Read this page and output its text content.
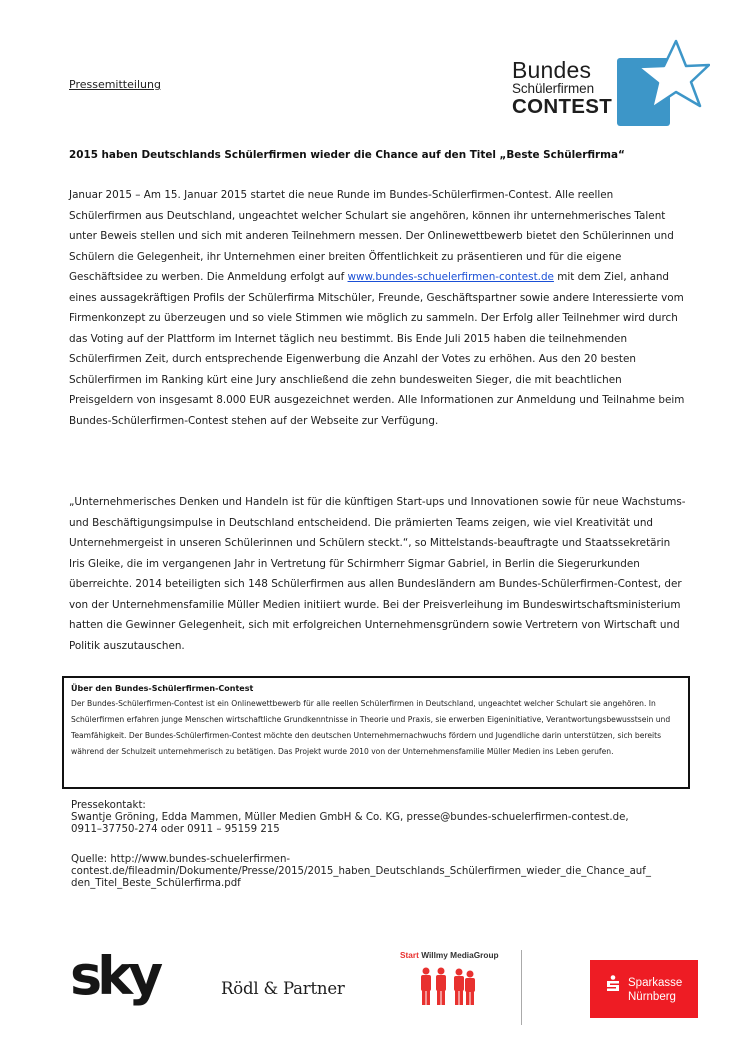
Pressemitteilung
Bundes
Schülerfirmen
CONTEST
2015 haben Deutschlands Schülerfirmen wieder die Chance auf den Titel „Beste Schülerfirma“
Januar 2015 – Am 15. Januar 2015 startet die neue Runde im Bundes-Schülerfirmen-Contest. Alle reellen Schülerfirmen aus Deutschland, ungeachtet welcher Schulart sie angehören, können ihr unternehmerisches Talent unter Beweis stellen und sich mit anderen Teilnehmern messen. Der Onlinewettbewerb bietet den Schülerinnen und Schülern die Gelegenheit, ihr Unternehmen einer breiten Öffentlichkeit zu präsentieren und für die eigene Geschäftsidee zu werben. Die Anmeldung erfolgt auf www.bundes-schuelerfirmen-contest.de mit dem Ziel, anhand eines aussagekräftigen Profils der Schülerfirma Mitschüler, Freunde, Geschäftspartner sowie andere Interessierte vom Firmenkonzept zu überzeugen und so viele Stimmen wie möglich zu sammeln. Der Erfolg aller Teilnehmer wird durch das Voting auf der Plattform im Internet täglich neu bestimmt. Bis Ende Juli 2015 haben die teilnehmenden Schülerfirmen Zeit, durch entsprechende Eigenwerbung die Anzahl der Votes zu erhöhen. Aus den 20 besten Schülerfirmen im Ranking kürt eine Jury anschließend die zehn bundesweiten Sieger, die mit beachtlichen Preisgeldern von insgesamt 8.000 EUR ausgezeichnet werden. Alle Informationen zur Anmeldung und Teilnahme beim Bundes-Schülerfirmen-Contest stehen auf der Webseite zur Verfügung.
„Unternehmerisches Denken und Handeln ist für die künftigen Start-ups und Innovationen sowie für neue Wachstums- und Beschäftigungsimpulse in Deutschland entscheidend. Die prämierten Teams zeigen, wie viel Kreativität und Unternehmergeist in unseren Schülerinnen und Schülern steckt.“, so Mittelstands-beauftragte und Staatssekretärin Iris Gleike, die im vergangenen Jahr in Vertretung für Schirmherr Sigmar Gabriel, in Berlin die Siegerurkunden überreichte. 2014 beteiligten sich 148 Schülerfirmen aus allen Bundesländern am Bundes-Schülerfirmen-Contest, der von der Unternehmensfamilie Müller Medien initiiert wurde. Bei der Preisverleihung im Bundeswirtschaftsministerium hatten die Gewinner Gelegenheit, sich mit erfolgreichen Unternehmensgründern sowie Vertretern von Wirtschaft und Politik auszutauschen.
Über den Bundes-Schülerfirmen-Contest
Der Bundes-Schülerfirmen-Contest ist ein Onlinewettbewerb für alle reellen Schülerfirmen in Deutschland, ungeachtet welcher Schulart sie angehören. In Schülerfirmen erfahren junge Menschen wirtschaftliche Grundkenntnisse in Theorie und Praxis, sie erwerben Eigeninitiative, Verantwortungsbewusstsein und Teamfähigkeit. Der Bundes-Schülerfirmen-Contest möchte den deutschen Unternehmernachwuchs fördern und Jugendliche darin unterstützen, sich bereits während der Schulzeit unternehmerisch zu betätigen. Das Projekt wurde 2010 von der Unternehmensfamilie Müller Medien ins Leben gerufen.
Pressekontakt:
Swantje Gröning, Edda Mammen, Müller Medien GmbH & Co. KG, presse@bundes-schuelerfirmen-contest.de,
0911–37750-274 oder 0911 – 95159 215
Quelle: http://www.bundes-schuelerfirmen-
contest.de/fileadmin/Dokumente/Presse/2015/2015_haben_Deutschlands_Schülerfirmen_wieder_die_Chance_auf_
den_Titel_Beste_Schülerfirma.pdf
sky	Rödl & Partner
Start Willmy MediaGroup
Sparkasse
Nürnberg
